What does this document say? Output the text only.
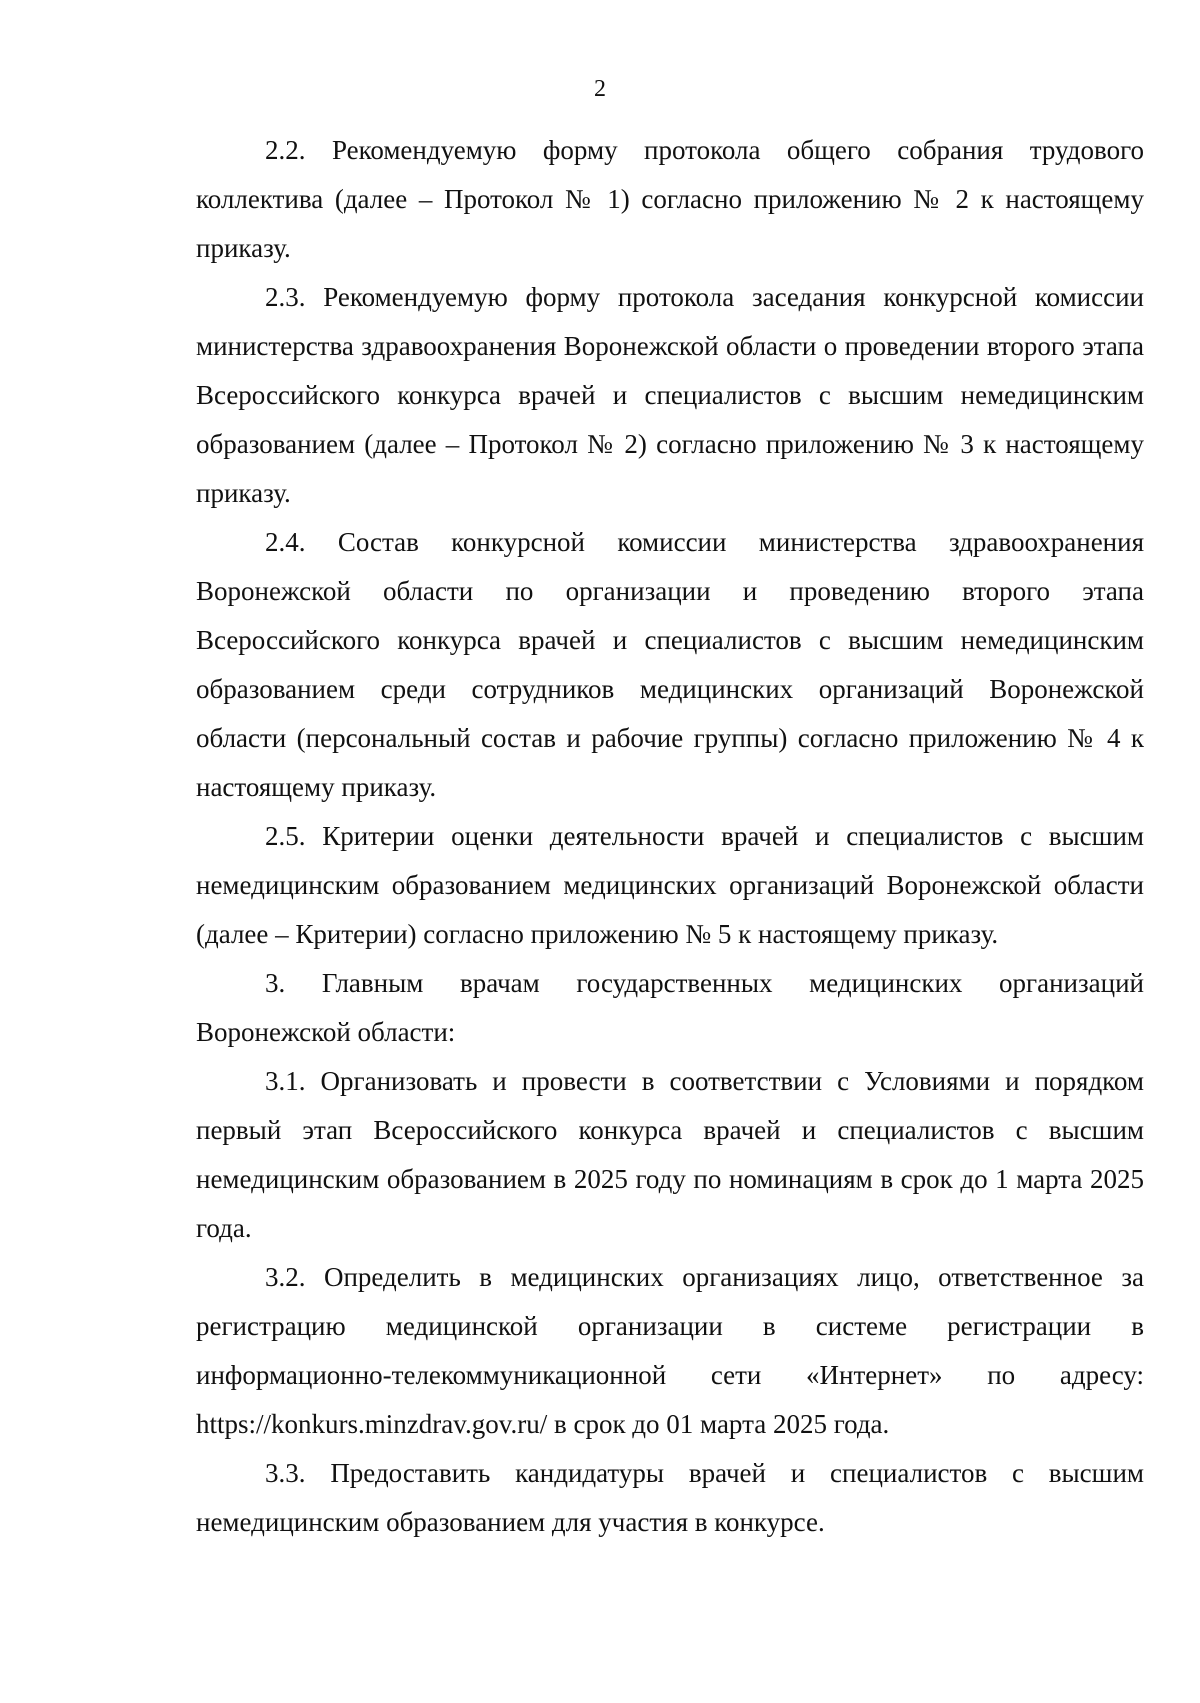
2

2.2. Рекомендуемую форму протокола общего собрания трудового коллектива (далее – Протокол № 1) согласно приложению № 2 к настоящему приказу.

2.3. Рекомендуемую форму протокола заседания конкурсной комиссии министерства здравоохранения Воронежской области о проведении второго этапа Всероссийского конкурса врачей и специалистов с высшим немедицинским образованием (далее – Протокол № 2) согласно приложению № 3 к настоящему приказу.

2.4. Состав конкурсной комиссии министерства здравоохранения Воронежской области по организации и проведению второго этапа Всероссийского конкурса врачей и специалистов с высшим немедицинским образованием среди сотрудников медицинских организаций Воронежской области (персональный состав и рабочие группы) согласно приложению № 4 к настоящему приказу.

2.5. Критерии оценки деятельности врачей и специалистов с высшим немедицинским образованием медицинских организаций Воронежской области (далее – Критерии) согласно приложению № 5 к настоящему приказу.

3. Главным врачам государственных медицинских организаций Воронежской области:

3.1. Организовать и провести в соответствии с Условиями и порядком первый этап Всероссийского конкурса врачей и специалистов с высшим немедицинским образованием в 2025 году по номинациям в срок до 1 марта 2025 года.

3.2. Определить в медицинских организациях лицо, ответственное за регистрацию медицинской организации в системе регистрации в информационно-телекоммуникационной сети «Интернет» по адресу: https://konkurs.minzdrav.gov.ru/ в срок до 01 марта 2025 года.

3.3. Предоставить кандидатуры врачей и специалистов с высшим немедицинским образованием для участия в конкурсе.
